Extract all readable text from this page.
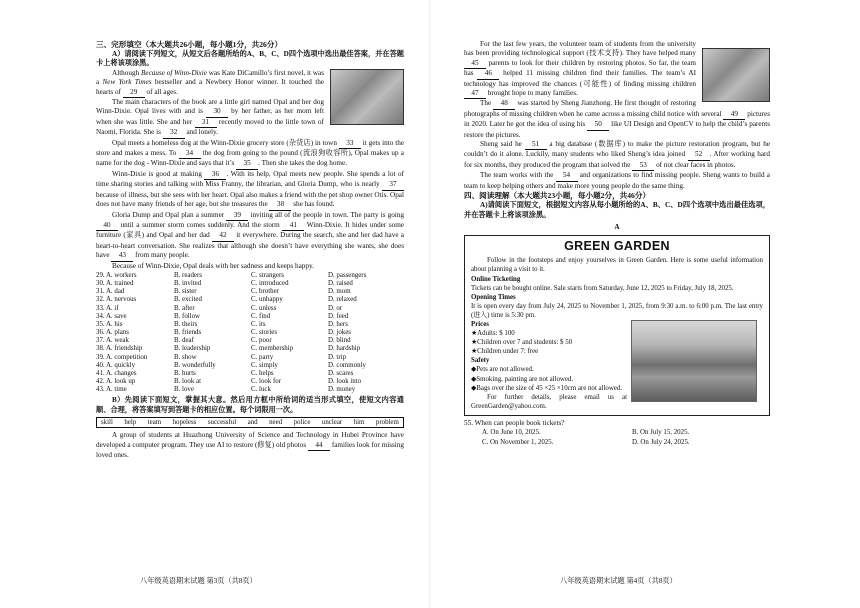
三、完形填空（本大题共26小题，每小题1分，共26分）

A）请阅读下列短文，从短文后各题所给的A、B、C、D四个选项中选出最佳答案，并在答题卡上将该项涂黑。

Although Because of Winn-Dixie was Kate DiCamillo’s first novel, it was a New York Times bestseller and a Newbery Honor winner. It touched the hearts of 29 of all ages.

The main characters of the book are a little girl named Opal and her dog Winn-Dixie. Opal lives with and is 30 by her father, as her mom left when she was little. She and her 31 recently moved to the little town of Naomi, Florida. She is 32 and lonely.

Opal meets a homeless dog at the Winn-Dixie grocery store (杂货店) in town 33 it gets into the store and makes a mess. To 34 the dog from going to the pound (流浪狗收容所), Opal makes up a name for the dog - Winn-Dixie and says that it’s 35 . Then she takes the dog home.

Winn-Dixie is good at making 36 . With its help, Opal meets new people. She spends a lot of time sharing stories and talking with Miss Franny, the librarian, and Gloria Dump, who is nearly 37 because of illness, but she sees with her heart. Opal also makes a friend with the pet shop owner Otis. Opal does not have many friends of her age, but she treasures the 38 she has found.

Gloria Dump and Opal plan a summer 39 inviting all of the people in town. The party is going 40 until a summer storm comes suddenly. And the storm 41 Winn-Dixie. It hides under some furniture (家具) and Opal and her dad 42 it everywhere. During the search, she and her dad have a heart-to-heart conversation. She realizes that although she doesn’t have everything she wants, she does have 43 from many people.

Because of Winn-Dixie, Opal deals with her sadness and keeps happy.

29. A. workers	B. readers	C. strangers	D. passengers
30. A. trained	B. invited	C. introduced	D. raised
31. A. dad	B. sister	C. brother	D. mom
32. A. nervous	B. excited	C. unhappy	D. relaxed
33. A. if	B. after	C. unless	D. or
34. A. save	B. follow	C. find	D. feed
35. A. his	B. theirs	C. its	D. hers
36. A. plans	B. friends	C. stories	D. jokes
37. A. weak	B. deaf	C. poor	D. blind
38. A. friendship	B. leadership	C. membership	D. hardship
39. A. competition	B. show	C. party	D. trip
40. A. quickly	B. wonderfully	C. simply	D. commonly
41. A. changes	B. hurts	C. helps	D. scares
42. A. look up	B. look at	C. look for	D. look into
43. A. time	B. love	C. luck	D. money

B）先阅读下面短文，掌握其大意。然后用方框中所给词的适当形式填空，使短文内容通顺、合理，将答案填写到答题卡的相应位置。每个词限用一次。

skill help team hopeless successful and need police unclear him problem

A group of students at Huazhong University of Science and Technology in Hubei Province have developed a computer program. They use AI to restore (修复) old photos 44 families look for missing loved ones.

八年级英语期末试题 第3页（共8页）

For the last few years, the volunteer team of students from the university has been providing technological support (技术支持). They have helped many 45 parents to look for their children by restoring photos. So far, the team has 46 helped 11 missing children find their families. The team’s AI technology has improved the chances (可能性) of finding missing children 47 brought hope to many families.

The 48 was started by Sheng Jianzhong. He first thought of restoring photographs of missing children when he came across a missing child notice with several 49 pictures in 2020. Later he got the idea of using his 50 like UI Design and OpenCV to help the child’s parents restore the pictures.

Sheng said he 51 a big database (数据库) to make the picture restoration program, but he couldn’t do it alone. Luckily, many students who liked Sheng’s idea joined 52 . After working hard for six months, they produced the program that solved the 53 of not clear faces in photos.

The team works with the 54 and organizations to find missing people. Sheng wants to build a team to keep helping others and make more young people do the same thing.

四、阅读理解（本大题共23小题，每小题2分，共46分）

A)请阅读下面短文，根据短文内容从每小题所给的A、B、C、D四个选项中选出最佳选项，并在答题卡上将该项涂黑。

A

GREEN GARDEN

Follow in the footsteps and enjoy yourselves in Green Garden. Here is some useful information about planning a visit to it.

Online Ticketing

Tickets can be bought online. Sale starts from Saturday, June 12, 2025 to Friday, July 18, 2025.

Opening Times

It is open every day from July 24, 2025 to November 1, 2025, from 9:30 a.m. to 6:00 p.m. The last entry (进入) time is 5:30 pm.

Prices

★Adults: $ 100

★Children over 7 and students: $ 50

★Children under 7: free

Safety

◆Pets are not allowed.

◆Smoking, painting are not allowed.

◆Bags over the size of 45 ×25 ×10cm are not allowed.

For further details, please email us at GreenGarden@yahoo.com.

55. When can people book tickets?

A. On June 10, 2025.	B. On July 15, 2025.
C. On November 1, 2025.	D. On July 24, 2025.
八年级英语期末试题 第4页（共8页）
